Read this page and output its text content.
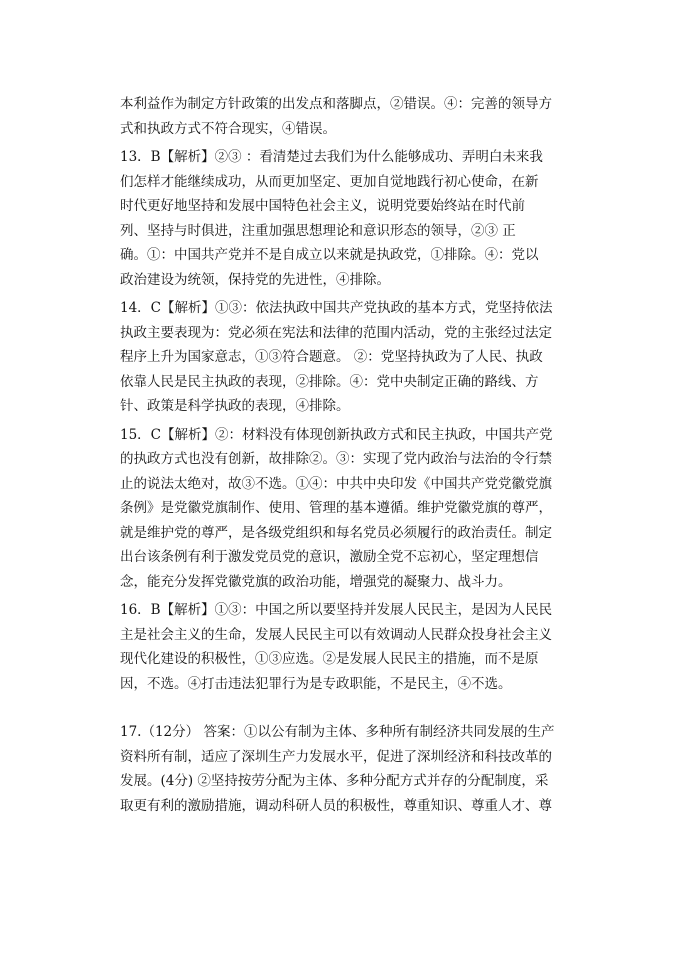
本利益作为制定方针政策的出发点和落脚点，②错误。④：完善的领导方
式和执政方式不符合现实，④错误。
13．B【解析】②③ ：看清楚过去我们为什么能够成功、弄明白未来我
们怎样才能继续成功，从而更加坚定、更加自觉地践行初心使命，在新
时代更好地坚持和发展中国特色社会主义，说明党要始终站在时代前
列、坚持与时俱进，注重加强思想理论和意识形态的领导，②③ 正
确。①：中国共产党并不是自成立以来就是执政党，①排除。④：党以
政治建设为统领，保持党的先进性，④排除。
14．C【解析】①③：依法执政中国共产党执政的基本方式，党坚持依法
执政主要表现为：党必须在宪法和法律的范围内活动，党的主张经过法定
程序上升为国家意志，①③符合题意。 ②：党坚持执政为了人民、执政
依靠人民是民主执政的表现，②排除。④：党中央制定正确的路线、方
针、政策是科学执政的表现，④排除。
15．C【解析】②：材料没有体现创新执政方式和民主执政，中国共产党
的执政方式也没有创新，故排除②。③：实现了党内政治与法治的令行禁
止的说法太绝对，故③不选。①④：中共中央印发《中国共产党党徽党旗
条例》是党徽党旗制作、使用、管理的基本遵循。维护党徽党旗的尊严，
就是维护党的尊严，是各级党组织和每名党员必须履行的政治责任。制定
出台该条例有利于激发党员党的意识，激励全党不忘初心，坚定理想信
念，能充分发挥党徽党旗的政治功能，增强党的凝聚力、战斗力。
16．B【解析】①③：中国之所以要坚持并发展人民民主，是因为人民民
主是社会主义的生命，发展人民民主可以有效调动人民群众投身社会主义
现代化建设的积极性，①③应选。②是发展人民民主的措施，而不是原
因，不选。④打击违法犯罪行为是专政职能，不是民主，④不选。
17.（12分） 答案：①以公有制为主体、多种所有制经济共同发展的生产
资料所有制，适应了深圳生产力发展水平，促进了深圳经济和科技改革的
发展。(4分) ②坚持按劳分配为主体、多种分配方式并存的分配制度，采
取更有利的激励措施，调动科研人员的积极性，尊重知识、尊重人才、尊
